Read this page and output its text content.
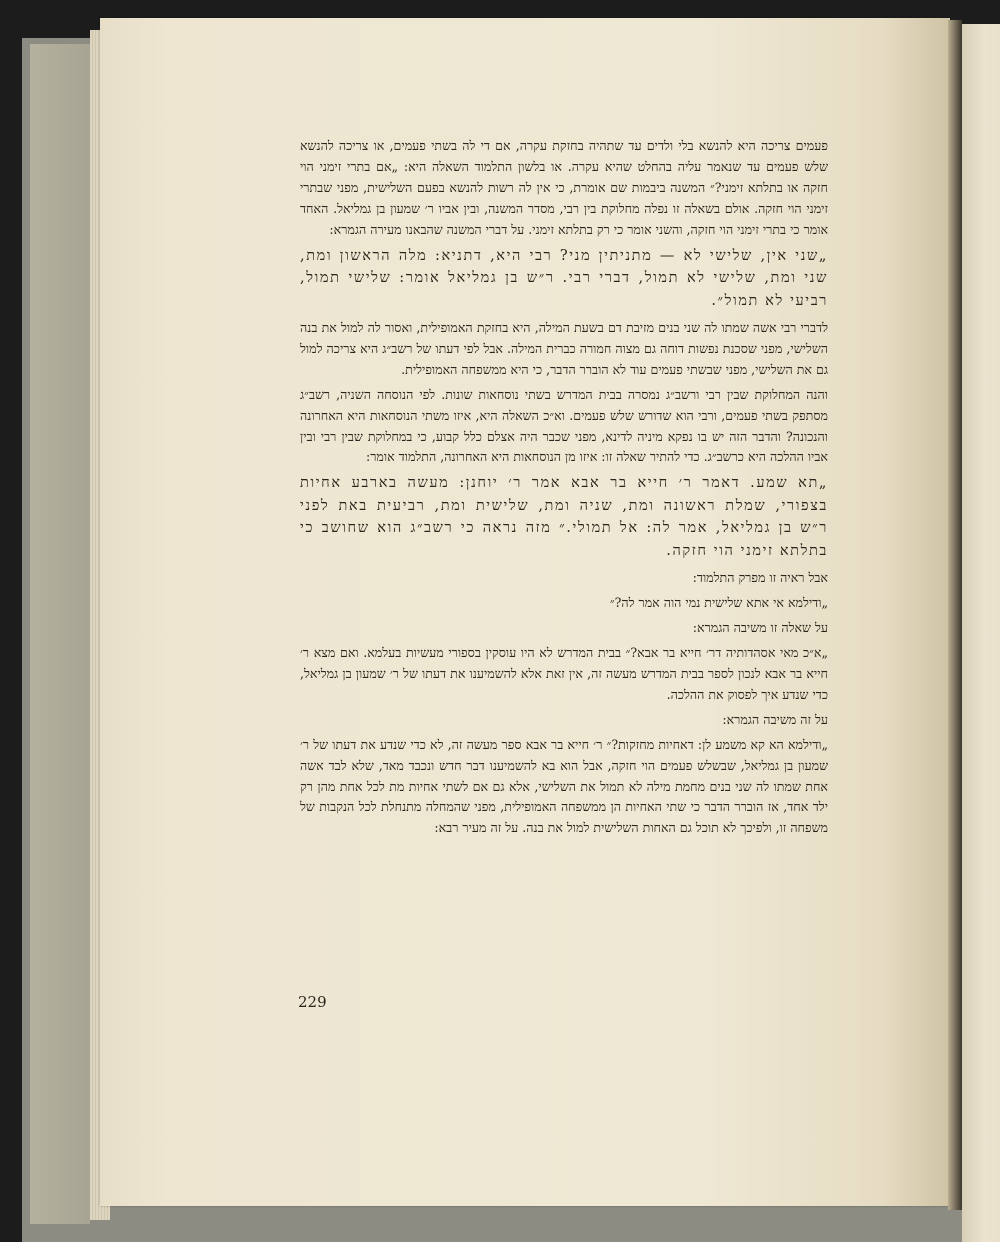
פעמים צריכה היא להנשא בלי ולדים עד שתהיה בחזקת עקרה, אם די לה בשתי פעמים, או צריכה להנשא שלש פעמים עד שנאמר עליה בהחלט שהיא עקרה. או בלשון התלמוד השאלה היא: „אם בתרי זימני הוי חזקה או בתלתא זימני?״ המשנה ביבמות שם אומרת, כי אין לה רשות להנשא בפעם השלישית, מפני שבתרי זימני הוי חזקה. אולם בשאלה זו נפלה מחלוקת בין רבי, מסדר המשנה, ובין אביו ר׳ שמעון בן גמליאל. האחד אומר כי בתרי זימני הוי חזקה, והשני אומר כי רק בתלתא זימני. על דברי המשנה שהבאנו מעירה הגמרא:

„שני אין, שלישי לא — מתניתין מני? רבי היא, דתניא: מלה הראשון ומת, שני ומת, שלישי לא תמול, דברי רבי. ר״ש בן גמליאל אומר: שלישי תמול, רביעי לא תמול״.

לדברי רבי אשה שמתו לה שני בנים מזיבת דם בשעת המילה, היא בחזקת האמופילית, ואסור לה למול את בנה השלישי, מפני שסכנת נפשות דוחה גם מצוה חמורה כברית המילה. אבל לפי דעתו של רשב״ג היא צריכה למול גם את השלישי, מפני שבשתי פעמים עוד לא הוברר הדבר, כי היא ממשפחה האמופילית.

והנה המחלוקת שבין רבי ורשב״ג נמסרה בבית המדרש בשתי נוסחאות שונות. לפי הנוסחה השניה, רשב״ג מסתפק בשתי פעמים, ורבי הוא שדורש שלש פעמים. וא״כ השאלה היא, איזו משתי הנוסחאות היא האחרונה והנכונה? והדבר הזה יש בו נפקא מיניה לדינא, מפני שכבר היה אצלם כלל קבוע, כי במחלוקת שבין רבי ובין אביו ההלכה היא כרשב״ג. כדי להתיר שאלה זו: איזו מן הנוסחאות היא האחרונה, התלמוד אומר:

„תא שמע. דאמר ר׳ חייא בר אבא אמר ר׳ יוחנן: מעשה בארבע אחיות בצפורי, שמלת ראשונה ומת, שניה ומת, שלישית ומת, רביעית באת לפני ר״ש בן גמליאל, אמר לה: אל תמולי.״ מזה נראה כי רשב״ג הוא שחושב כי בתלתא זימני הוי חזקה.

אבל ראיה זו מפרק התלמוד:

„ודילמא אי אתא שלישית נמי הוה אמר לה?״

על שאלה זו משיבה הגמרא:

„א״כ מאי אסהדותיה דר׳ חייא בר אבא?״ בבית המדרש לא היו עוסקין בספורי מעשיות בעלמא. ואם מצא ר׳ חייא בר אבא לנכון לספר בבית המדרש מעשה זה, אין זאת אלא להשמיענו את דעתו של ר׳ שמעון בן גמליאל, כדי שנדע איך לפסוק את ההלכה.

על זה משיבה הגמרא:

„ודילמא הא קא משמע לן: דאחיות מחזקות?״ ר׳ חייא בר אבא ספר מעשה זה, לא כדי שנדע את דעתו של ר׳ שמעון בן גמליאל, שבשלש פעמים הוי חזקה, אבל הוא בא להשמיענו דבר חדש ונכבד מאד, שלא לבד אשה אחת שמתו לה שני בנים מחמת מילה לא תמול את השלישי, אלא גם אם לשתי אחיות מת לכל אחת מהן רק ילד אחד, אז הוברר הדבר כי שתי האחיות הן ממשפחה האמופילית, מפני שהמחלה מתנחלת לכל הנקבות של משפחה זו, ולפיכך לא תוכל גם האחות השלישית למול את בנה. על זה מעיר רבא:

229
